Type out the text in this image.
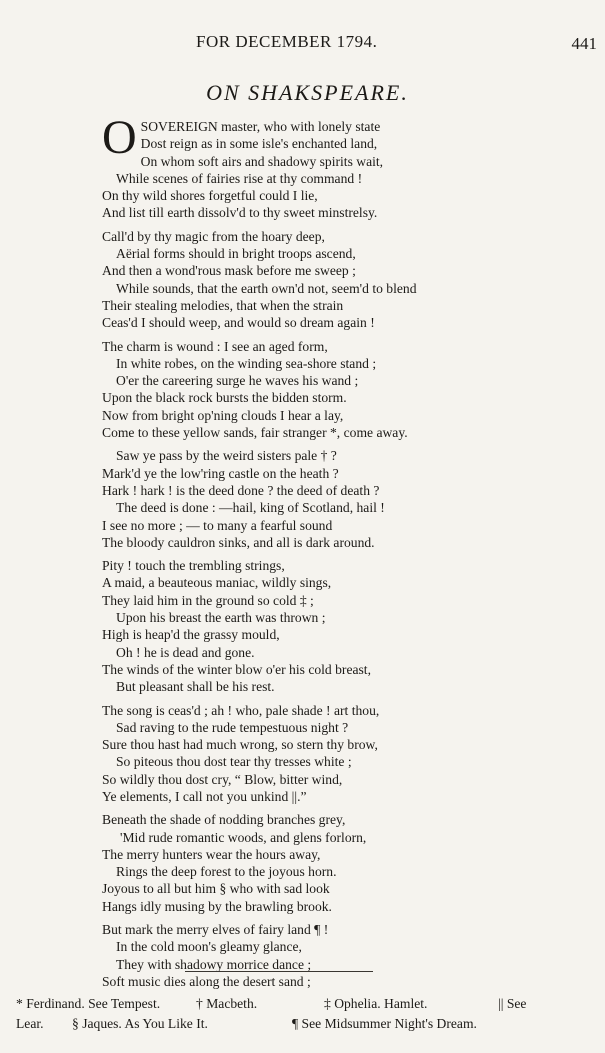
FOR DECEMBER 1794.	441
ON SHAKSPEARE.
OSOVEREIGN master, who with lonely state
Dost reign as in some isle's enchanted land,
On whom soft airs and shadowy spirits wait,
While scenes of fairies rise at thy command !
On thy wild shores forgetful could I lie,
And list till earth dissolv'd to thy sweet minstrelsy.
Call'd by thy magic from the hoary deep,
Aërial forms should in bright troops ascend,
And then a wond'rous mask before me sweep ;
While sounds, that the earth own'd not, seem'd to blend
Their stealing melodies, that when the strain
Ceas'd I should weep, and would so dream again !
The charm is wound : I see an aged form,
In white robes, on the winding sea-shore stand ;
O'er the careering surge he waves his wand ;
Upon the black rock bursts the bidden storm.
Now from bright op'ning clouds I hear a lay,
Come to these yellow sands, fair stranger *, come away.
Saw ye pass by the weird sisters pale † ?
Mark'd ye the low'ring castle on the heath ?
Hark ! hark ! is the deed done ? the deed of death ?
The deed is done : —hail, king of Scotland, hail !
I see no more ; — to many a fearful sound
The bloody cauldron sinks, and all is dark around.
Pity ! touch the trembling strings,
A maid, a beauteous maniac, wildly sings,
They laid him in the ground so cold ‡ ;
Upon his breast the earth was thrown ;
High is heap'd the grassy mould,
Oh ! he is dead and gone.
The winds of the winter blow o'er his cold breast,
But pleasant shall be his rest.
The song is ceas'd ; ah ! who, pale shade ! art thou,
Sad raving to the rude tempestuous night ?
Sure thou hast had much wrong, so stern thy brow,
So piteous thou dost tear thy tresses white ;
So wildly thou dost cry, “ Blow, bitter wind,
Ye elements, I call not you unkind ||.”
Beneath the shade of nodding branches grey,
'Mid rude romantic woods, and glens forlorn,
The merry hunters wear the hours away,
Rings the deep forest to the joyous horn.
Joyous to all but him § who with sad look
Hangs idly musing by the brawling brook.
But mark the merry elves of fairy land ¶ !
In the cold moon's gleamy glance,
They with shadowy morrice dance ;
Soft music dies along the desert sand ;
* Ferdinand. See Tempest.	† Macbeth.	‡ Ophelia. Hamlet.	|| See
Lear. § Jaques. As You Like It.	¶ See Midsummer Night's Dream.
